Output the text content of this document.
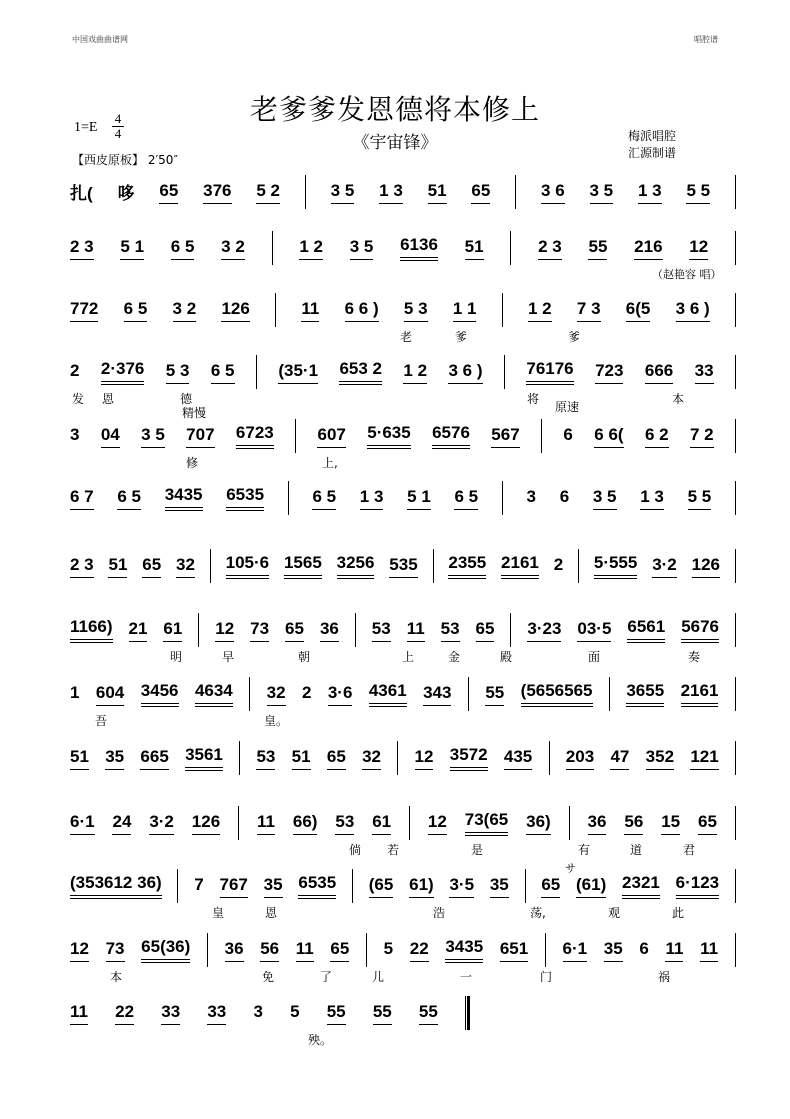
中国戏曲曲谱网	唱腔谱
老爹爹发恩德将本修上
《宇宙锋》
1=E
4
4
【西皮原板】 2′50″
梅派唱腔
汇源制谱
（赵艳容 唱）
サ
扎( 哆 65 376 5 2	3 5 1 3 51 65	3 6 3 5 1 3 5 5
2 3 5 1 6 5 3 2	1 2 3 5 6136 51	2 3 55 216 12
772 6 5 3 2 126	11 6 6 ) 5 3 1 1	1 2 7 3 6(5 3 6 )
老	爹	爹
2 2·376 5 3 6 5	(35·1 653 2 1 2 3 6 )	76176 723 666 33
发 恩	德
精慢
将
原速
本
3 04 3 5 707 6723	607 5·635 6576 567	6 6 6( 6 2 7 2
修	上,
6 7 6 5 3435 6535	6 5 1 3 5 1 6 5	3 6 3 5 1 3 5 5
2 3 51 65 32 105·6 1565 3256 535 2355 2161 2 5·555 3·2 126
1166) 21 61 12 73 65 36 53 11 53 65 3·23 03·5 6561 5676
明	早	朝	上	金	殿	面	奏
1 604 3456 4634 32 2 3·6 4361 343 55 (5656565 3655 2161
吾	皇。
51 35 665 3561 53 51 65 32 12 3572 435 203 47 352 121
6·1 24 3·2 126 11 66) 53 61 12 73(65 36) 36 56 15 65
倘 若	是	有	道	君
(353612 36) 7 767 35 6535 (65 61) 3·5 35 65 (61) 2321 6·123
皇	恩	浩	荡,	观	此
12 73 65(36) 36 56 11 65 5 22 3435 651 6·1 35 6 11 11
本	免	了	儿	一	门	祸
11 22 33 33 3 5 55 55 55
殃。
